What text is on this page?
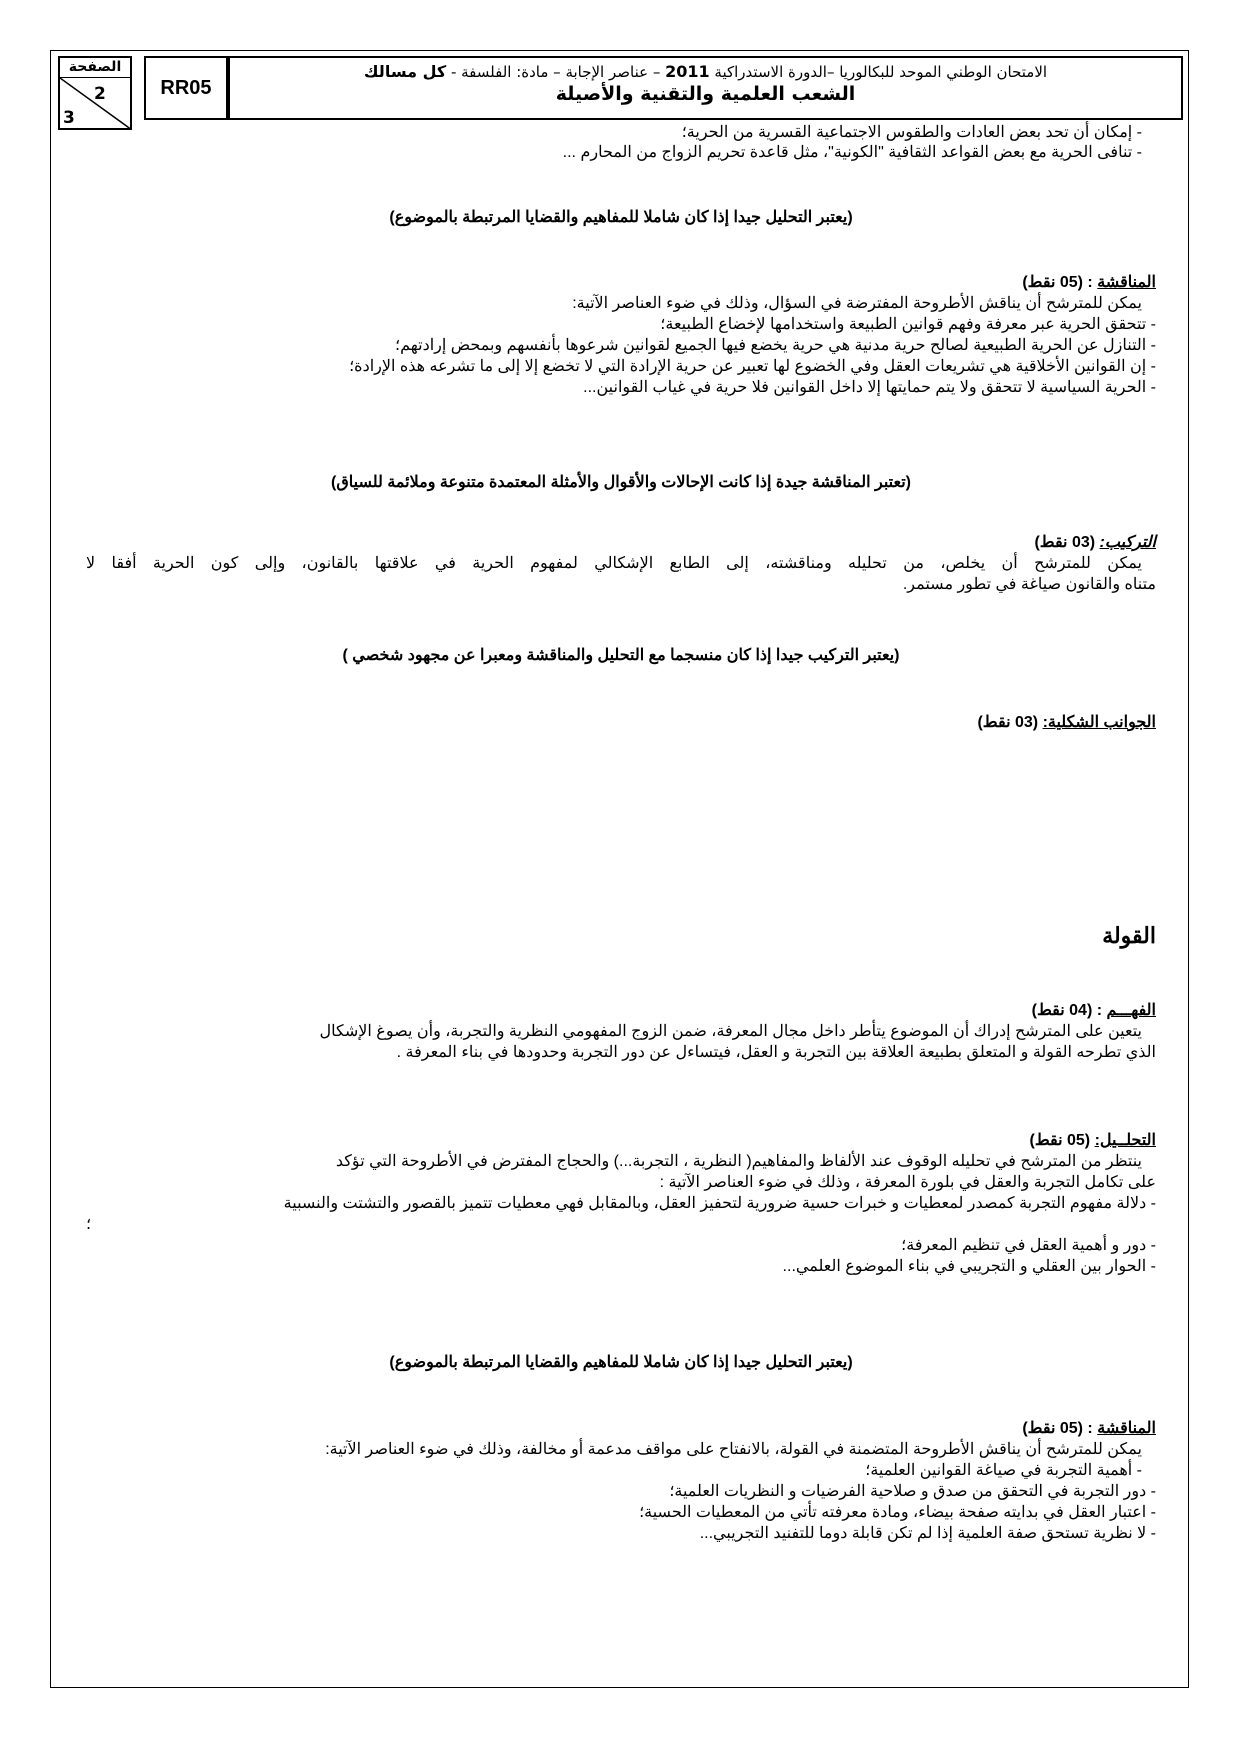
الصفحة
2
3
RR05
الامتحان الوطني الموحد للبكالوريا –الدورة الاستدراكية 2011 – عناصر الإجابة – مادة: الفلسفة - كل مسالك
الشعب العلمية والتقنية والأصيلة

- إمكان أن تحد بعض العادات والطقوس الاجتماعية القسرية من الحرية؛

- تنافى الحرية مع بعض القواعد الثقافية "الكونية"، مثل قاعدة تحريم الزواج من المحارم ...

(يعتبر التحليل جيدا إذا كان شاملا للمفاهيم والقضايا المرتبطة بالموضوع)

المناقشة : (05 نقط)

يمكن للمترشح أن يناقش الأطروحة المفترضة في السؤال، وذلك في ضوء العناصر الآتية:

- تتحقق الحرية عبر معرفة وفهم قوانين الطبيعة واستخدامها لإخضاع الطبيعة؛

- التنازل عن الحرية الطبيعية لصالح حرية مدنية هي حرية يخضع فيها الجميع لقوانين شرعوها بأنفسهم وبمحض إرادتهم؛

- إن القوانين الأخلاقية هي تشريعات العقل وفي الخضوع لها تعبير عن حرية الإرادة التي لا تخضع إلا إلى ما تشرعه هذه الإرادة؛

- الحرية السياسية لا تتحقق ولا يتم حمايتها إلا داخل القوانين فلا حرية في غياب القوانين...

(تعتبر المناقشة جيدة إذا كانت الإحالات والأقوال والأمثلة المعتمدة متنوعة وملائمة للسياق)

التركيب: (03 نقط)

يمكن للمترشح أن يخلص، من تحليله ومناقشته، إلى الطابع الإشكالي لمفهوم الحرية في علاقتها بالقانون، وإلى كون الحرية أفقا لا

متناه والقانون صياغة في تطور مستمر.

(يعتبر التركيب جيدا إذا كان منسجما مع التحليل والمناقشة ومعبرا عن مجهود شخصي )

الجوانب الشكلية: (03 نقط)

القولة

الفهـــم : (04 نقط)

يتعين على المترشح إدراك أن الموضوع يتأطر داخل مجال المعرفة، ضمن الزوج المفهومي النظرية والتجربة، وأن يصوغ الإشكال

الذي تطرحه القولة و المتعلق بطبيعة العلاقة بين التجربة و العقل، فيتساءل عن دور التجربة وحدودها في بناء المعرفة .

التحلــيل: (05 نقط)

ينتظر من المترشح في تحليله الوقوف عند الألفاظ والمفاهيم( النظرية ، التجربة...) والحجاج المفترض في الأطروحة التي تؤكد

على تكامل التجربة والعقل في بلورة المعرفة ، وذلك في ضوء العناصر الآتية :

- دلالة مفهوم التجربة كمصدر لمعطيات و خبرات حسية ضرورية لتحفيز العقل، وبالمقابل فهي معطيات تتميز بالقصور والتشتت والنسبية

؛

- دور و أهمية العقل في تنظيم المعرفة؛

- الحوار بين العقلي و التجريبي في بناء الموضوع العلمي...

(يعتبر التحليل جيدا إذا كان شاملا للمفاهيم والقضايا المرتبطة بالموضوع)

المناقشة : (05 نقط)

يمكن للمترشح أن يناقش الأطروحة المتضمنة في القولة، بالانفتاح على مواقف مدعمة أو مخالفة، وذلك في ضوء العناصر الآتية:

- أهمية التجربة في صياغة القوانين العلمية؛

- دور التجربة في التحقق من صدق و صلاحية الفرضيات و النظريات العلمية؛

- اعتبار العقل في بدايته صفحة بيضاء، ومادة معرفته تأتي من المعطيات الحسية؛

- لا نظرية تستحق صفة العلمية إذا لم تكن قابلة دوما للتفنيد التجريبي...
